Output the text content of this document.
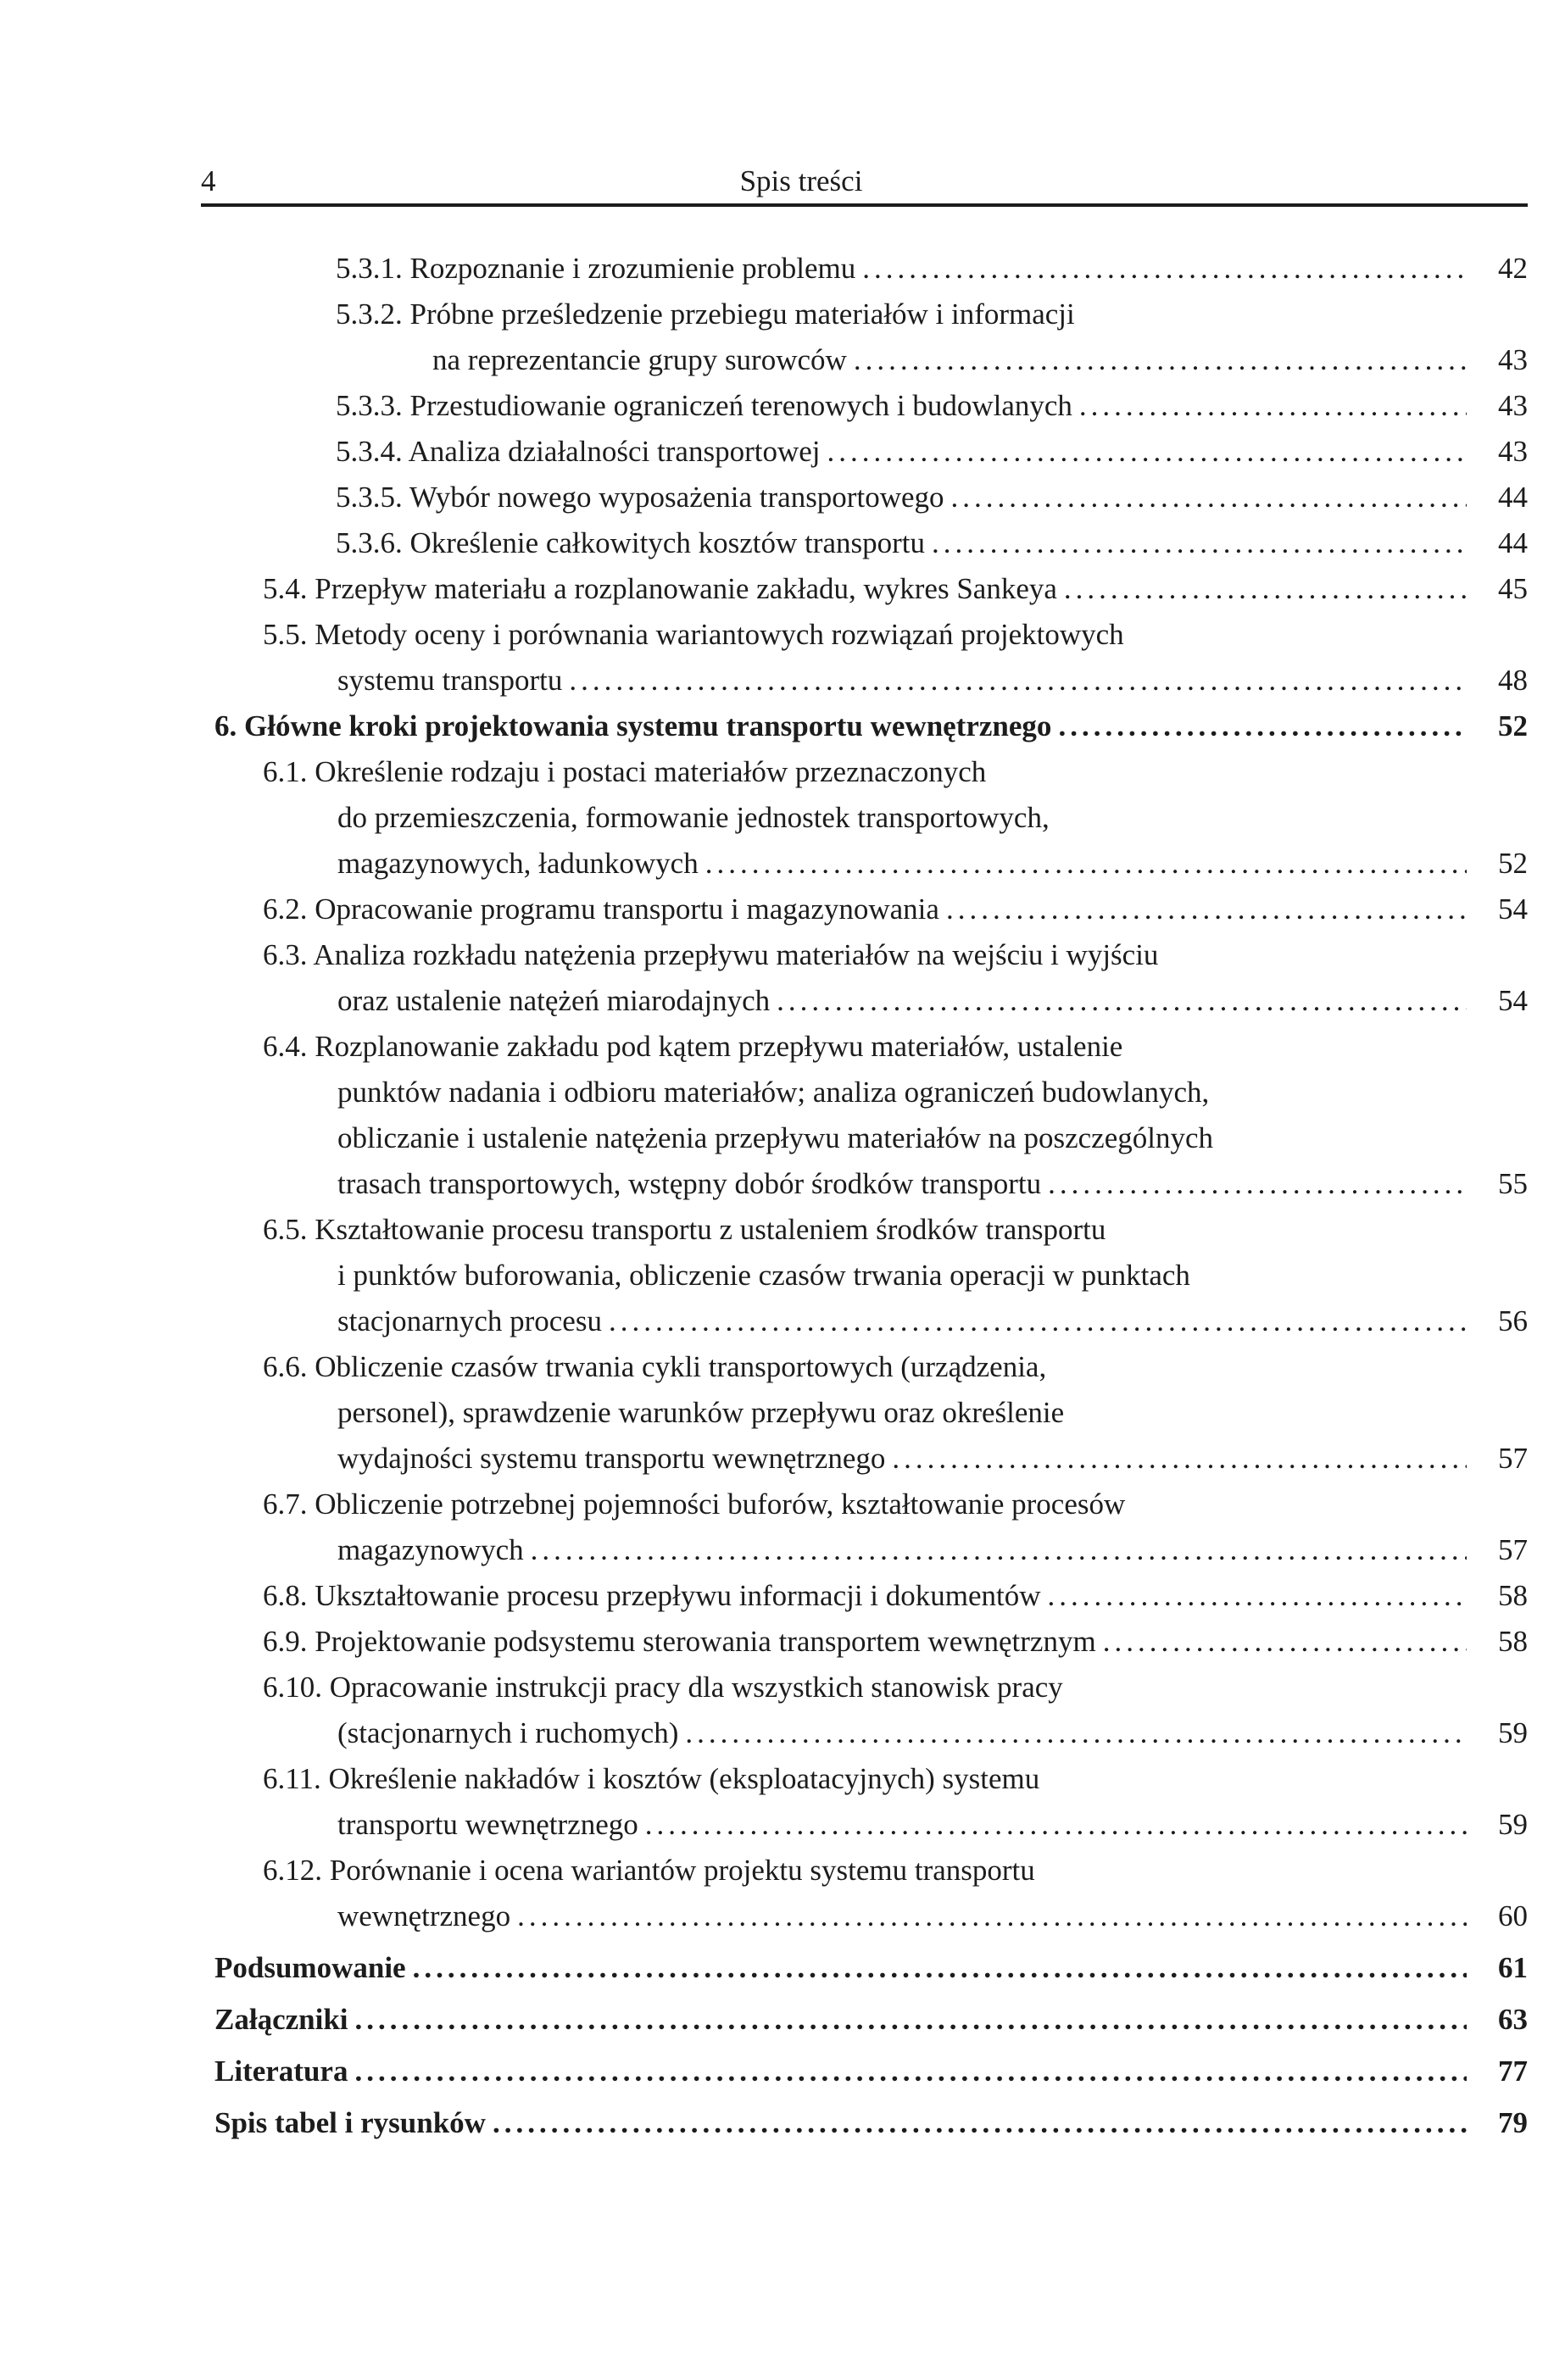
4	Spis treści
5.3.1. Rozpoznanie i zrozumienie problemu .....	42
5.3.2. Próbne prześledzenie przebiegu materiałów i informacji
na reprezentancie grupy surowców .....	43
5.3.3. Przestudiowanie ograniczeń terenowych i budowlanych .....	43
5.3.4. Analiza działalności transportowej .....	43
5.3.5. Wybór nowego wyposażenia transportowego .....	44
5.3.6. Określenie całkowitych kosztów transportu .....	44
5.4. Przepływ materiału a rozplanowanie zakładu, wykres Sankeya .....	45
5.5. Metody oceny i porównania wariantowych rozwiązań projektowych
systemu transportu .....	48
6. Główne kroki projektowania systemu transportu wewnętrznego .....	52
6.1. Określenie rodzaju i postaci materiałów przeznaczonych
do przemieszczenia, formowanie jednostek transportowych,
magazynowych, ładunkowych .....	52
6.2. Opracowanie programu transportu i magazynowania .....	54
6.3. Analiza rozkładu natężenia przepływu materiałów na wejściu i wyjściu
oraz ustalenie natężeń miarodajnych .....	54
6.4. Rozplanowanie zakładu pod kątem przepływu materiałów, ustalenie
punktów nadania i odbioru materiałów; analiza ograniczeń budowlanych,
obliczanie i ustalenie natężenia przepływu materiałów na poszczególnych
trasach transportowych, wstępny dobór środków transportu .....	55
6.5. Kształtowanie procesu transportu z ustaleniem środków transportu
i punktów buforowania, obliczenie czasów trwania operacji w punktach
stacjonarnych procesu .....	56
6.6. Obliczenie czasów trwania cykli transportowych (urządzenia,
personel), sprawdzenie warunków przepływu oraz określenie
wydajności systemu transportu wewnętrznego .....	57
6.7. Obliczenie potrzebnej pojemności buforów, kształtowanie procesów
magazynowych .....	57
6.8. Ukształtowanie procesu przepływu informacji i dokumentów .....	58
6.9. Projektowanie podsystemu sterowania transportem wewnętrznym .....	58
6.10. Opracowanie instrukcji pracy dla wszystkich stanowisk pracy
(stacjonarnych i ruchomych) .....	59
6.11. Określenie nakładów i kosztów (eksploatacyjnych) systemu
transportu wewnętrznego .....	59
6.12. Porównanie i ocena wariantów projektu systemu transportu
wewnętrznego .....	60
Podsumowanie .....	61
Załączniki .....	63
Literatura .....	77
Spis tabel i rysunków .....	79
